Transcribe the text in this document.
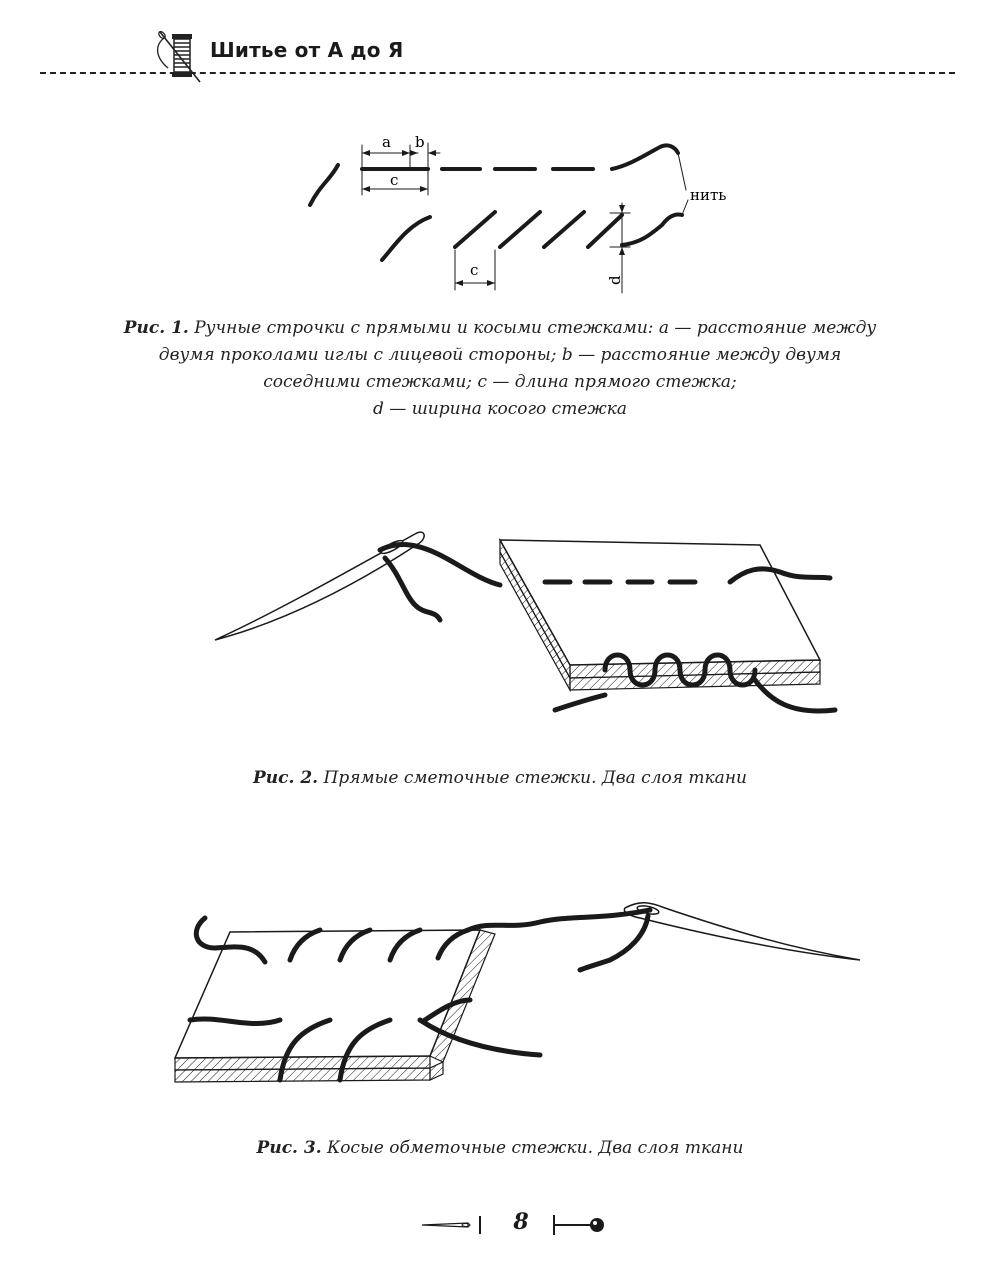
Шитье от А до Я
a b
c
c
d
нить
Рис. 1. Ручные строчки с прямыми и косыми стежками: a — расстояние между
двумя проколами иглы с лицевой стороны; b — расстояние между двумя
соседними стежками; с — длина прямого стежка;
d — ширина косого стежка
Рис. 2. Прямые сметочные стежки. Два слоя ткани
Рис. 3. Косые обметочные стежки. Два слоя ткани
8
